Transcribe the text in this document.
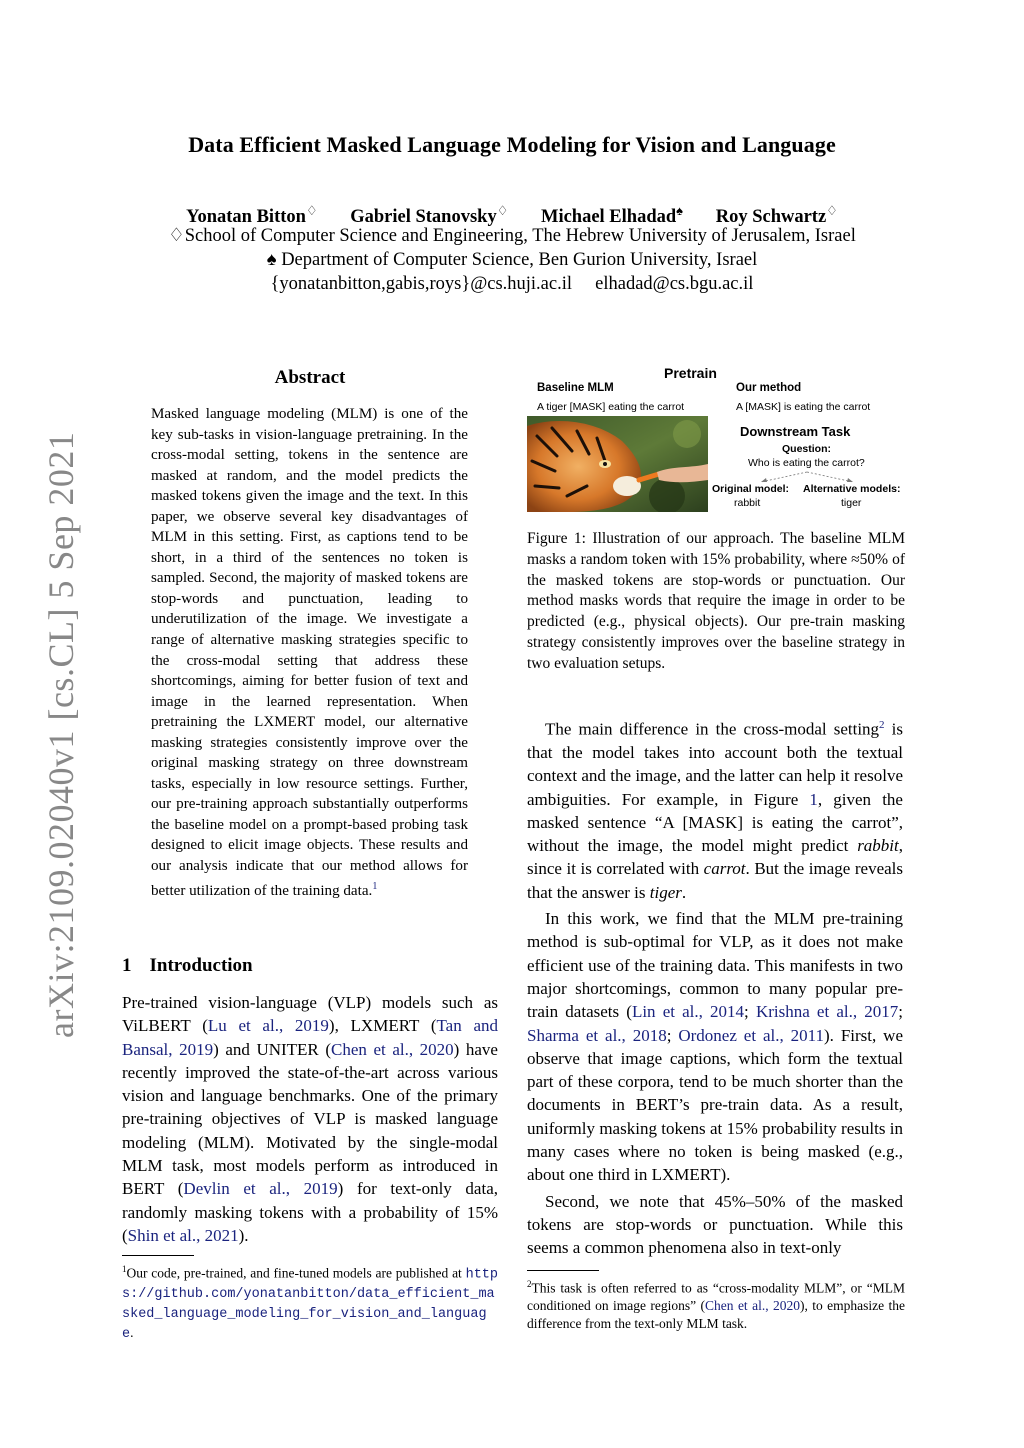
Data Efficient Masked Language Modeling for Vision and Language
Yonatan Bitton♢ Gabriel Stanovsky♢ Michael Elhadad♠ Roy Schwartz♢
♢School of Computer Science and Engineering, The Hebrew University of Jerusalem, Israel
♠ Department of Computer Science, Ben Gurion University, Israel
{yonatanbitton,gabis,roys}@cs.huji.ac.il     elhadad@cs.bgu.ac.il
arXiv:2109.02040v1 [cs.CL] 5 Sep 2021
Abstract
Masked language modeling (MLM) is one of the key sub-tasks in vision-language pretraining. In the cross-modal setting, tokens in the sentence are masked at random, and the model predicts the masked tokens given the image and the text. In this paper, we observe several key disadvantages of MLM in this setting. First, as captions tend to be short, in a third of the sentences no token is sampled. Second, the majority of masked tokens are stop-words and punctuation, leading to underutilization of the image. We investigate a range of alternative masking strategies specific to the cross-modal setting that address these shortcomings, aiming for better fusion of text and image in the learned representation. When pretraining the LXMERT model, our alternative masking strategies consistently improve over the original masking strategy on three downstream tasks, especially in low resource settings. Further, our pre-training approach substantially outperforms the baseline model on a prompt-based probing task designed to elicit image objects. These results and our analysis indicate that our method allows for better utilization of the training data.$^1$
1 Introduction
Pre-trained vision-language (VLP) models such as ViLBERT (Lu et al., 2019), LXMERT (Tan and Bansal, 2019) and UNITER (Chen et al., 2020) have recently improved the state-of-the-art across various vision and language benchmarks. One of the primary pre-training objectives of VLP is masked language modeling (MLM). Motivated by the single-modal MLM task, most models perform as introduced in BERT (Devlin et al., 2019) for text-only data, randomly masking tokens with a probability of 15% (Shin et al., 2021).
$^1$Our code, pre-trained, and fine-tuned models are published at https://github.com/yonatanbitton/data_efficient_masked_language_modeling_for_vision_and_language.
Pretrain
Baseline MLM
A tiger [MASK] eating the carrot
Our method
A [MASK] is eating the carrot
Downstream Task
Question:
Who is eating the carrot?
Original model:
rabbit
Alternative models:
tiger
Figure 1: Illustration of our approach. The baseline MLM masks a random token with 15% probability, where ≈50% of the masked tokens are stop-words or punctuation. Our method masks words that require the image in order to be predicted (e.g., physical objects). Our pre-train masking strategy consistently improves over the baseline strategy in two evaluation setups.

The main difference in the cross-modal setting$^2$ is that the model takes into account both the textual context and the image, and the latter can help it resolve ambiguities. For example, in Figure 1, given the masked sentence “A [MASK] is eating the carrot”, without the image, the model might predict rabbit, since it is correlated with carrot. But the image reveals that the answer is tiger.

In this work, we find that the MLM pre-training method is sub-optimal for VLP, as it does not make efficient use of the training data. This manifests in two major shortcomings, common to many popular pre-train datasets (Lin et al., 2014; Krishna et al., 2017; Sharma et al., 2018; Ordonez et al., 2011). First, we observe that image captions, which form the textual part of these corpora, tend to be much shorter than the documents in BERT’s pre-train data. As a result, uniformly masking tokens at 15% probability results in many cases where no token is being masked (e.g., about one third in LXMERT).

Second, we note that 45%–50% of the masked tokens are stop-words or punctuation. While this seems a common phenomena also in text-only

$^2$This task is often referred to as “cross-modality MLM”, or “MLM conditioned on image regions” (Chen et al., 2020), to emphasize the difference from the text-only MLM task.
